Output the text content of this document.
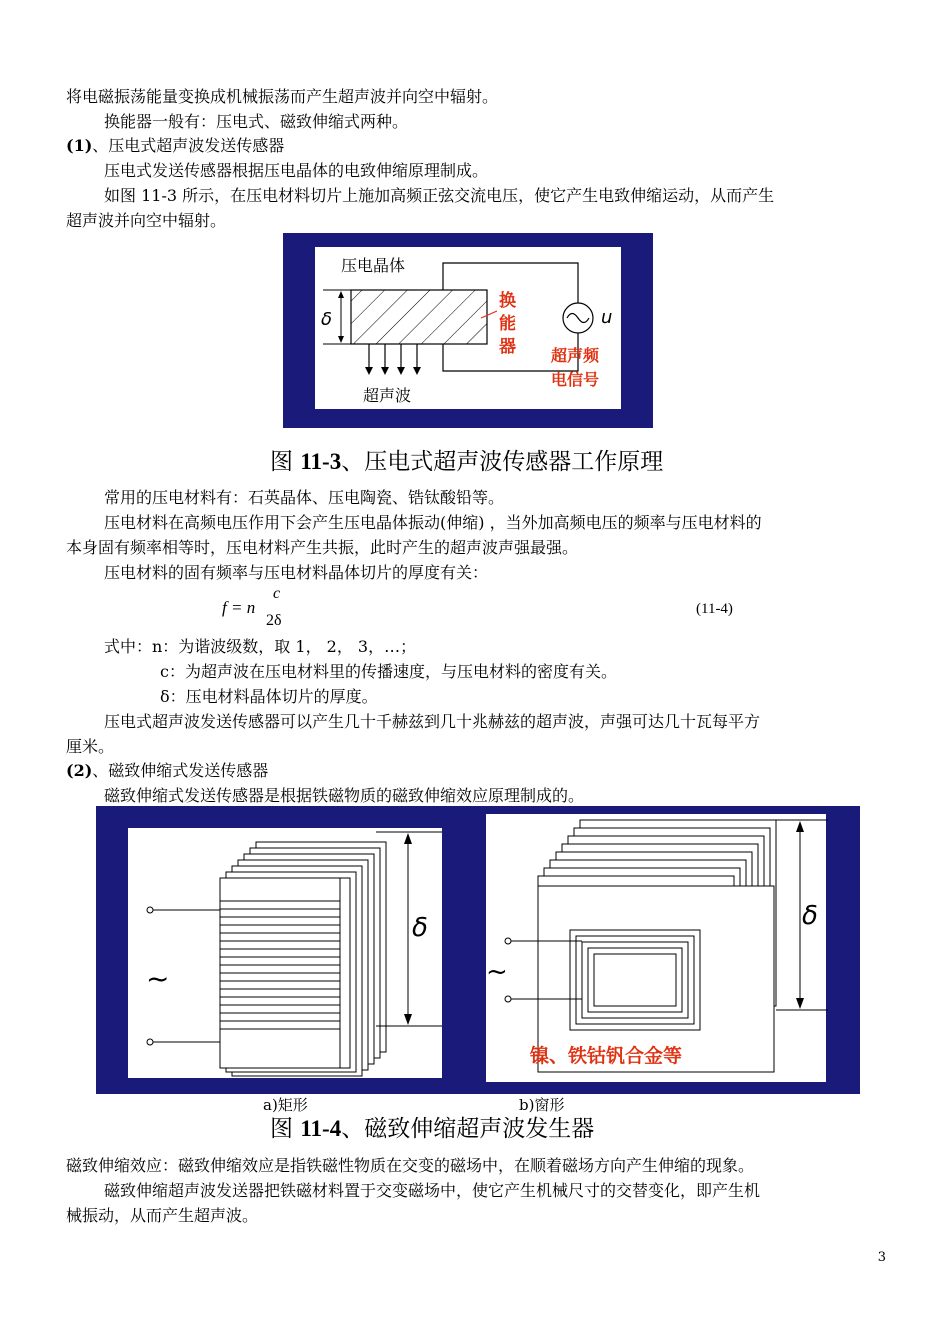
将电磁振荡能量变换成机械振荡而产生超声波并向空中辐射。
换能器一般有：压电式、磁致伸缩式两种。
(1)、压电式超声波发送传感器
压电式发送传感器根据压电晶体的电致伸缩原理制成。
如图 11-3 所示，在压电材料切片上施加高频正弦交流电压，使它产生电致伸缩运动，从而产生
超声波并向空中辐射。
压电晶体
δ
换
能
器
u
超声频
电信号
超声波
图 11-3、压电式超声波传感器工作原理
常用的压电材料有：石英晶体、压电陶瓷、锆钛酸铅等。
压电材料在高频电压作用下会产生压电晶体振动(伸缩) ，当外加高频电压的频率与压电材料的
本身固有频率相等时，压电材料产生共振，此时产生的超声波声强最强。
压电材料的固有频率与压电材料晶体切片的厚度有关：
f = n
c
2δ
(11-4)
式中：n：为谐波级数，取 1， 2， 3，…；
c：为超声波在压电材料里的传播速度，与压电材料的密度有关。
δ：压电材料晶体切片的厚度。
压电式超声波发送传感器可以产生几十千赫兹到几十兆赫兹的超声波，声强可达几十瓦每平方
厘米。
(2)、磁致伸缩式发送传感器
磁致伸缩式发送传感器是根据铁磁物质的磁致伸缩效应原理制成的。
~
δ
~
δ
镍、铁钴钒合金等
a)矩形	b)窗形
图 11-4、磁致伸缩超声波发生器
磁致伸缩效应：磁致伸缩效应是指铁磁性物质在交变的磁场中，在顺着磁场方向产生伸缩的现象。
磁致伸缩超声波发送器把铁磁材料置于交变磁场中，使它产生机械尺寸的交替变化，即产生机
械振动，从而产生超声波。
3
